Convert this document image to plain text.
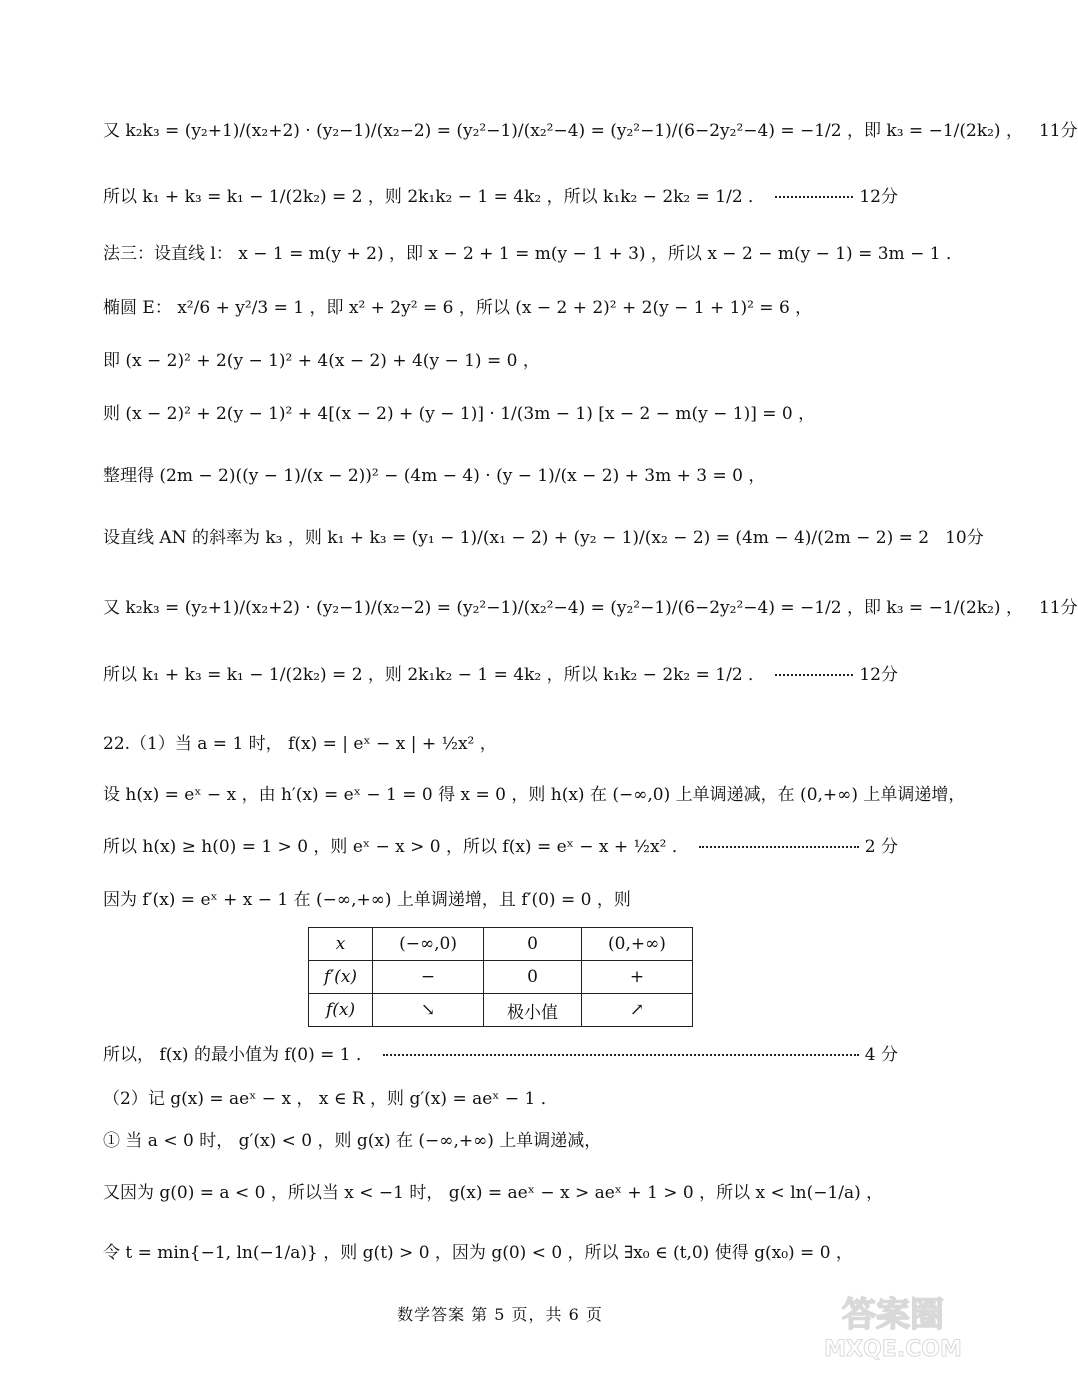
又 k₂k₃ = (y₂+1)/(x₂+2) · (y₂−1)/(x₂−2) = (y₂²−1)/(x₂²−4) = (y₂²−1)/(6−2y₂²−4) = −1/2 ，即 k₃ = −1/(2k₂) ， 11分
所以 k₁ + k₃ = k₁ − 1/(2k₂) = 2 ，则 2k₁k₂ − 1 = 4k₂ ，所以 k₁k₂ − 2k₂ = 1/2 ．	12分
法三：设直线 l： x − 1 = m(y + 2) ，即 x − 2 + 1 = m(y − 1 + 3) ，所以 x − 2 − m(y − 1) = 3m − 1 ．
椭圆 E： x²/6 + y²/3 = 1 ，即 x² + 2y² = 6 ，所以 (x − 2 + 2)² + 2(y − 1 + 1)² = 6 ，
即 (x − 2)² + 2(y − 1)² + 4(x − 2) + 4(y − 1) = 0 ，
则 (x − 2)² + 2(y − 1)² + 4[(x − 2) + (y − 1)] · 1/(3m − 1) [x − 2 − m(y − 1)] = 0 ，
整理得 (2m − 2)((y − 1)/(x − 2))² − (4m − 4) · (y − 1)/(x − 2) + 3m + 3 = 0 ，
设直线 AN 的斜率为 k₃ ，则 k₁ + k₃ = (y₁ − 1)/(x₁ − 2) + (y₂ − 1)/(x₂ − 2) = (4m − 4)/(2m − 2) = 2 10分
又 k₂k₃ = (y₂+1)/(x₂+2) · (y₂−1)/(x₂−2) = (y₂²−1)/(x₂²−4) = (y₂²−1)/(6−2y₂²−4) = −1/2 ，即 k₃ = −1/(2k₂) ， 11分
所以 k₁ + k₃ = k₁ − 1/(2k₂) = 2 ，则 2k₁k₂ − 1 = 4k₂ ，所以 k₁k₂ − 2k₂ = 1/2 ．	12分
22.（1）当 a = 1 时， f(x) = | eˣ − x | + ½x² ，
设 h(x) = eˣ − x ，由 h′(x) = eˣ − 1 = 0 得 x = 0 ，则 h(x) 在 (−∞,0) 上单调递减，在 (0,+∞) 上单调递增，
所以 h(x) ≥ h(0) = 1 > 0 ，则 eˣ − x > 0 ，所以 f(x) = eˣ − x + ½x² ．	2 分
因为 f′(x) = eˣ + x − 1 在 (−∞,+∞) 上单调递增，且 f′(0) = 0 ，则
x	(−∞,0)	0	(0,+∞)
f′(x)	−	0	+
f(x)	↘	极小值	↗
所以， f(x) 的最小值为 f(0) = 1 ．	4 分
（2）记 g(x) = aeˣ − x ， x ∈ R ，则 g′(x) = aeˣ − 1 ．
① 当 a < 0 时， g′(x) < 0 ，则 g(x) 在 (−∞,+∞) 上单调递减，
又因为 g(0) = a < 0 ，所以当 x < −1 时， g(x) = aeˣ − x > aeˣ + 1 > 0 ，所以 x < ln(−1/a) ，
令 t = min{−1, ln(−1/a)} ，则 g(t) > 0 ，因为 g(0) < 0 ，所以 ∃x₀ ∈ (t,0) 使得 g(x₀) = 0 ，
数学答案 第 5 页，共 6 页	答案圈
MXQE.COM
